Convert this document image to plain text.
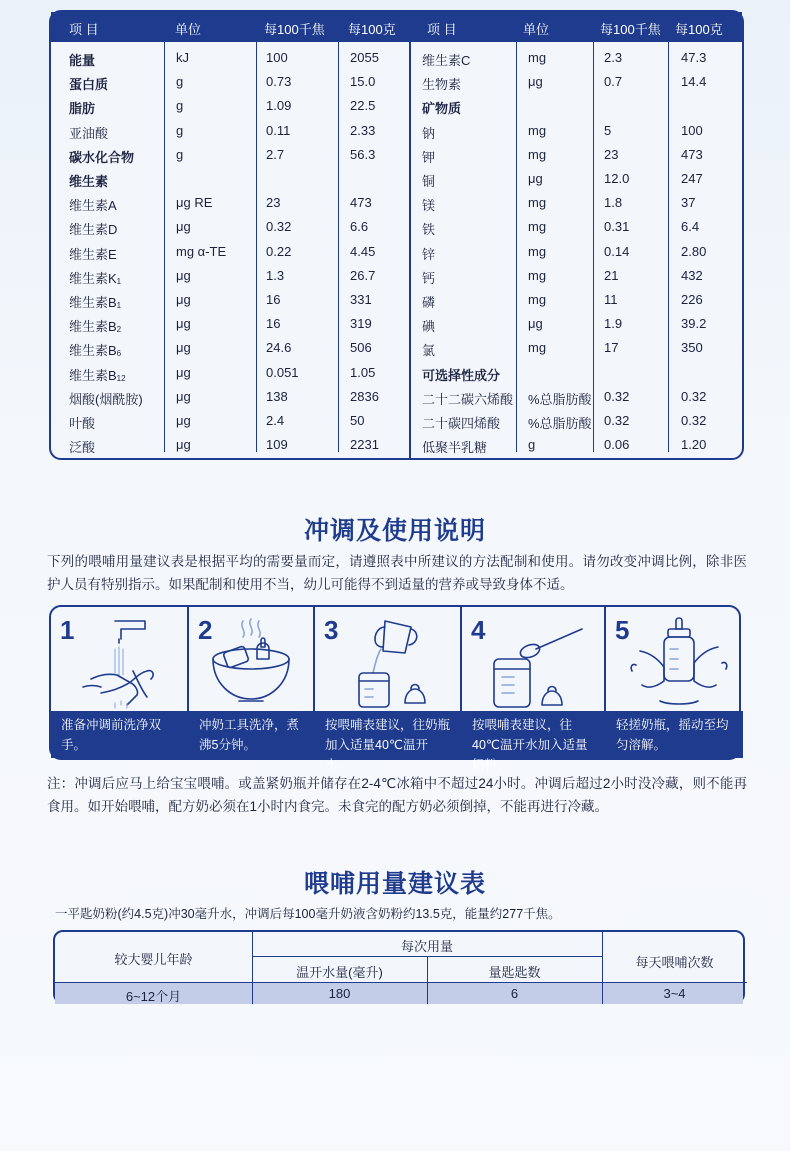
项 目	单位	每100千焦 每100克 项 目	单位	每100千焦 每100克
能量	kJ	100	2055
蛋白质	g	0.73	15.0
脂肪	g	1.09	22.5
亚油酸	g	0.11	2.33
碳水化合物	g	2.7	56.3
维生素
维生素A	μg RE	23	473
维生素D	μg	0.32	6.6
维生素E	mg α-TE	0.22	4.45
维生素$K_1$	μg	1.3	26.7
维生素$B_1$	μg	16	331
维生素$B_2$	μg	16	319
维生素$B_6$	μg	24.6	506
维生素$B_{12}$	μg	0.051	1.05
烟酸(烟酰胺)	μg	138	2836
叶酸	μg	2.4	50
泛酸	μg	109	2231
维生素C	mg	2.3	47.3
生物素	μg	0.7	14.4
矿物质
钠	mg	5	100
钾	mg	23	473
铜	μg	12.0	247
镁	mg	1.8	37
铁	mg	0.31	6.4
锌	mg	0.14	2.80
钙	mg	21	432
磷	mg	11	226
碘	μg	1.9	39.2
氯	mg	17	350
可选择性成分
二十二碳六烯酸 %总脂肪酸 0.32	0.32
二十碳四烯酸 %总脂肪酸 0.32	0.32
低聚半乳糖	g	0.06	1.20
冲调及使用说明
下列的喂哺用量建议表是根据平均的需要量而定，请遵照表中所建议的方法配制和使用。请勿改变冲调比例，除非医护人员有特别指示。如果配制和使用不当，幼儿可能得不到适量的营养或导致身体不适。
1
准备冲调前洗净双手。
2
冲奶工具洗净，煮沸5分钟。
3
按喂哺表建议，往奶瓶加入适量40℃温开水。
4
按喂哺表建议，往40℃温开水加入适量奶粉。
5
轻搓奶瓶，摇动至均匀溶解。
注：冲调后应马上给宝宝喂哺。或盖紧奶瓶并储存在2-4℃冰箱中不超过24小时。冲调后超过2小时没冷藏，则不能再食用。如开始喂哺，配方奶必须在1小时内食完。未食完的配方奶必须倒掉，不能再进行冷藏。
喂哺用量建议表
一平匙奶粉(约4.5克)冲30毫升水，冲调后每100毫升奶液含奶粉约13.5克，能量约277千焦。
较大婴儿年龄
每次用量
温开水量(毫升)	量匙匙数
每天喂哺次数
6~12个月	180	6	3~4
